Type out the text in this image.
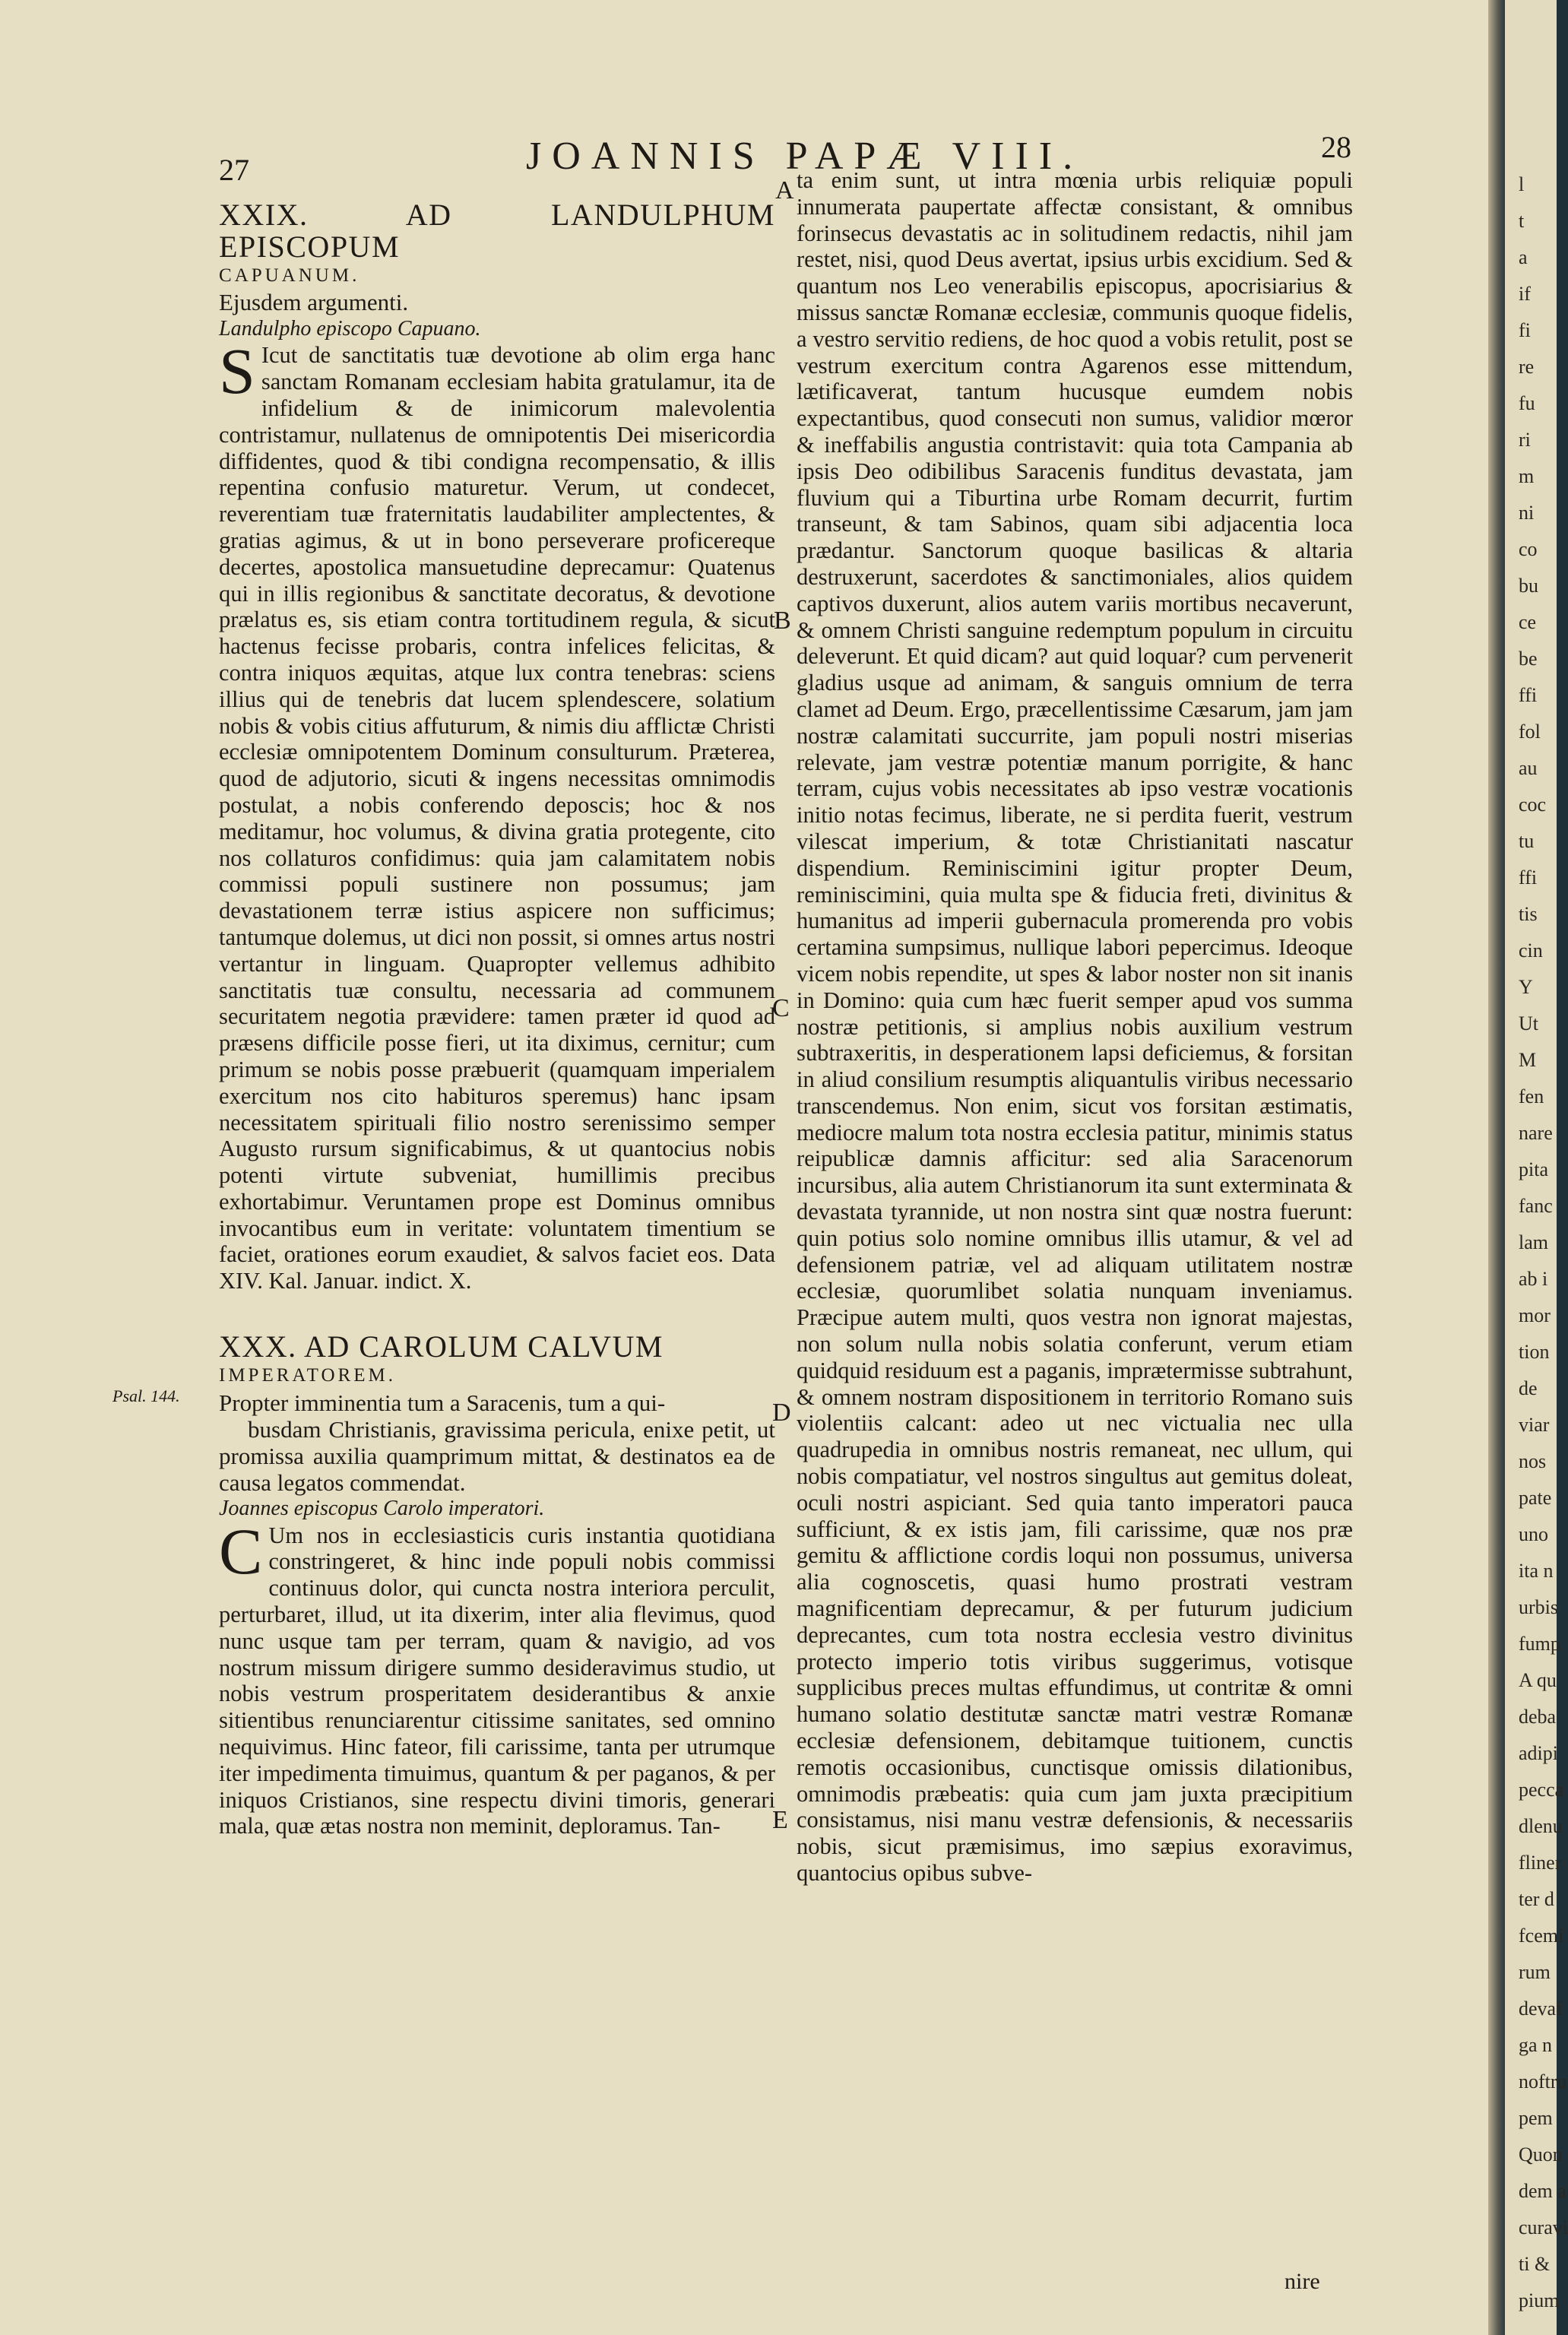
27	JOANNIS PAPÆ VIII.	28

XXIX. AD LANDULPHUM EPISCOPUM

CAPUANUM.

Ejusdem argumenti.

Landulpho episcopo Capuano.

S Icut de sanctitatis tuæ devotione ab olim erga hanc sanctam Romanam ecclesiam habita gratulamur, ita de infidelium & de inimicorum malevolentia contristamur, nullatenus de omnipotentis Dei misericordia diffidentes, quod & tibi condigna recompensatio, & illis repentina confusio maturetur. Verum, ut condecet, reverentiam tuæ fraternitatis laudabiliter amplectentes, & gratias agimus, & ut in bono perseverare proficereque decertes, apostolica mansuetudine deprecamur: Quatenus qui in illis regionibus & sanctitate decoratus, & devotione prælatus es, sis etiam contra tortitudinem regula, & sicut hactenus fecisse probaris, contra infelices felicitas, & contra iniquos æquitas, atque lux contra tenebras: sciens illius qui de tenebris dat lucem splendescere, solatium nobis & vobis citius affuturum, & nimis diu afflictæ Christi ecclesiæ omnipotentem Dominum consulturum. Præterea, quod de adjutorio, sicuti & ingens necessitas omnimodis postulat, a nobis conferendo deposcis; hoc & nos meditamur, hoc volumus, & divina gratia protegente, cito nos collaturos confidimus: quia jam calamitatem nobis commissi populi sustinere non possumus; jam devastationem terræ istius aspicere non sufficimus; tantumque dolemus, ut dici non possit, si omnes artus nostri vertantur in linguam. Quapropter vellemus adhibito sanctitatis tuæ consultu, necessaria ad communem securitatem negotia prævidere: tamen præter id quod ad præsens difficile posse fieri, ut ita diximus, cernitur; cum primum se nobis posse præbuerit (quamquam imperialem exercitum nos cito habituros speremus) hanc ipsam necessitatem spirituali filio nostro serenissimo semper Augusto rursum significabimus, & ut quantocius nobis potenti virtute subveniat, humillimis precibus exhortabimur. Veruntamen prope est Dominus omnibus invocantibus eum in veritate: voluntatem timentium se faciet, orationes eorum exaudiet, & salvos faciet eos. Data XIV. Kal. Januar. indict. X.

XXX. AD CAROLUM CALVUM

IMPERATOREM.

Propter imminentia tum a Saracenis, tum a qui-
busdam Christianis, gravissima pericula, enixe petit, ut promissa auxilia quamprimum mittat, & destinatos ea de causa legatos commendat.

Joannes episcopus Carolo imperatori.

C Um nos in ecclesiasticis curis instantia quotidiana constringeret, & hinc inde populi nobis commissi continuus dolor, qui cuncta nostra interiora perculit, perturbaret, illud, ut ita dixerim, inter alia flevimus, quod nunc usque tam per terram, quam & navigio, ad vos nostrum missum dirigere summo desideravimus studio, ut nobis vestrum prosperitatem desiderantibus & anxie sitientibus renunciarentur citissime sanitates, sed omnino nequivimus. Hinc fateor, fili carissime, tanta per utrumque iter impedimenta timuimus, quantum & per paganos, & per iniquos Cristianos, sine respectu divini timoris, generari mala, quæ ætas nostra non meminit, deploramus. Tan-

Psal. 144.
A
B
C
D
E

ta enim sunt, ut intra mœnia urbis reliquiæ populi innumerata paupertate affectæ consistant, & omnibus forinsecus devastatis ac in solitudinem redactis, nihil jam restet, nisi, quod Deus avertat, ipsius urbis excidium. Sed & quantum nos Leo venerabilis episcopus, apocrisiarius & missus sanctæ Romanæ ecclesiæ, communis quoque fidelis, a vestro servitio rediens, de hoc quod a vobis retulit, post se vestrum exercitum contra Agarenos esse mittendum, lætificaverat, tantum hucusque eumdem nobis expectantibus, quod consecuti non sumus, validior mœror & ineffabilis angustia contristavit: quia tota Campania ab ipsis Deo odibilibus Saracenis funditus devastata, jam fluvium qui a Tiburtina urbe Romam decurrit, furtim transeunt, & tam Sabinos, quam sibi adjacentia loca prædantur. Sanctorum quoque basilicas & altaria destruxerunt, sacerdotes & sanctimoniales, alios quidem captivos duxerunt, alios autem variis mortibus necaverunt, & omnem Christi sanguine redemptum populum in circuitu deleverunt. Et quid dicam? aut quid loquar? cum pervenerit gladius usque ad animam, & sanguis omnium de terra clamet ad Deum. Ergo, præcellentissime Cæsarum, jam jam nostræ calamitati succurrite, jam populi nostri miserias relevate, jam vestræ potentiæ manum porrigite, & hanc terram, cujus vobis necessitates ab ipso vestræ vocationis initio notas fecimus, liberate, ne si perdita fuerit, vestrum vilescat imperium, & totæ Christianitati nascatur dispendium. Reminiscimini igitur propter Deum, reminiscimini, quia multa spe & fiducia freti, divinitus & humanitus ad imperii gubernacula promerenda pro vobis certamina sumpsimus, nullique labori pepercimus. Ideoque vicem nobis rependite, ut spes & labor noster non sit inanis in Domino: quia cum hæc fuerit semper apud vos summa nostræ petitionis, si amplius nobis auxilium vestrum subtraxeritis, in desperationem lapsi deficiemus, & forsitan in aliud consilium resumptis aliquantulis viribus necessario transcendemus. Non enim, sicut vos forsitan æstimatis, mediocre malum tota nostra ecclesia patitur, minimis status reipublicæ damnis afficitur: sed alia Saracenorum incursibus, alia autem Christianorum ita sunt exterminata & devastata tyrannide, ut non nostra sint quæ nostra fuerunt: quin potius solo nomine omnibus illis utamur, & vel ad defensionem patriæ, vel ad aliquam utilitatem nostræ ecclesiæ, quorumlibet solatia nunquam inveniamus. Præcipue autem multi, quos vestra non ignorat majestas, non solum nulla nobis solatia conferunt, verum etiam quidquid residuum est a paganis, imprætermisse subtrahunt, & omnem nostram dispositionem in territorio Romano suis violentiis calcant: adeo ut nec victualia nec ulla quadrupedia in omnibus nostris remaneat, nec ullum, qui nobis compatiatur, vel nostros singultus aut gemitus doleat, oculi nostri aspiciant. Sed quia tanto imperatori pauca sufficiunt, & ex istis jam, fili carissime, quæ nos præ gemitu & afflictione cordis loqui non possumus, universa alia cognoscetis, quasi humo prostrati vestram magnificentiam deprecamur, & per futurum judicium deprecantes, cum tota nostra ecclesia vestro divinitus protecto imperio totis viribus suggerimus, votisque supplicibus preces multas effundimus, ut contritæ & omni humano solatio destitutæ sanctæ matri vestræ Romanæ ecclesiæ defensionem, debitamque tuitionem, cunctis remotis occasionibus, cunctisque omissis dilationibus, omnimodis præbeatis: quia cum jam juxta præcipitium consistamus, nisi manu vestræ defensionis, & necessariis nobis, sicut præmisimus, imo sæpius exoravimus, quantocius opibus subve-

nire
l
t
a
if
fi
re
fu
ri
m
ni
co
bu
ce
be
ffi
fol
au
coc
tu
ffi
tis
cin
Y
Ut
M
fen
nare
pita
fanc
lam
ab i
mor
tion
de
viar
nos
pate
uno
ita n
urbis
fump
A qu
deba
adipi
pecca
dlenu
fliner
ter d
fcemi
rum
devaf
ga n
noftru
pem
Quon
dem a
curavi
ti &
pium
